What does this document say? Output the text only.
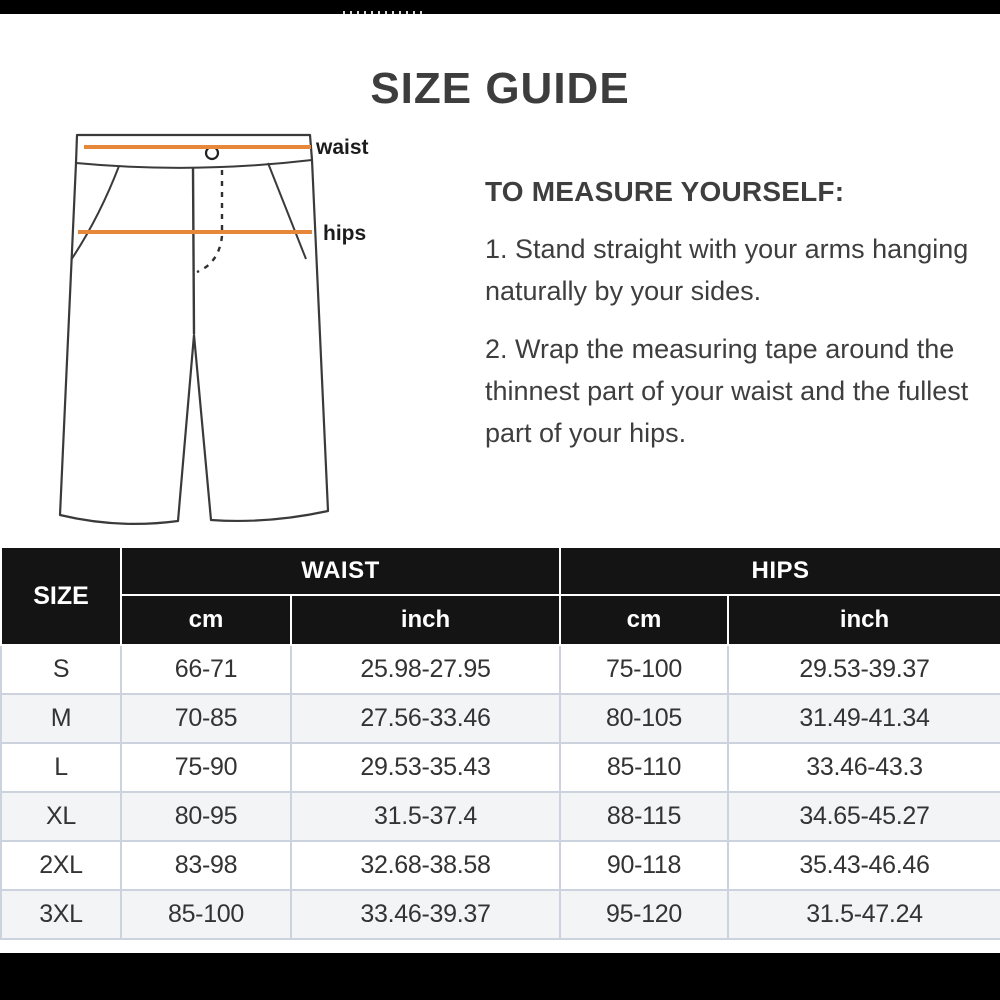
SIZE GUIDE
waist
hips
TO MEASURE YOURSELF:

1. Stand straight with your arms hanging naturally by your sides.

2. Wrap the measuring tape around the thinnest part of your waist and the fullest part of your hips.

SIZE	WAIST		HIPS	
	cm	inch	cm	inch
S	66-71	25.98-27.95	75-100	29.53-39.37
M	70-85	27.56-33.46	80-105	31.49-41.34
L	75-90	29.53-35.43	85-110	33.46-43.3
XL	80-95	31.5-37.4	88-115	34.65-45.27
2XL	83-98	32.68-38.58	90-118	35.43-46.46
3XL	85-100	33.46-39.37	95-120	31.5-47.24
